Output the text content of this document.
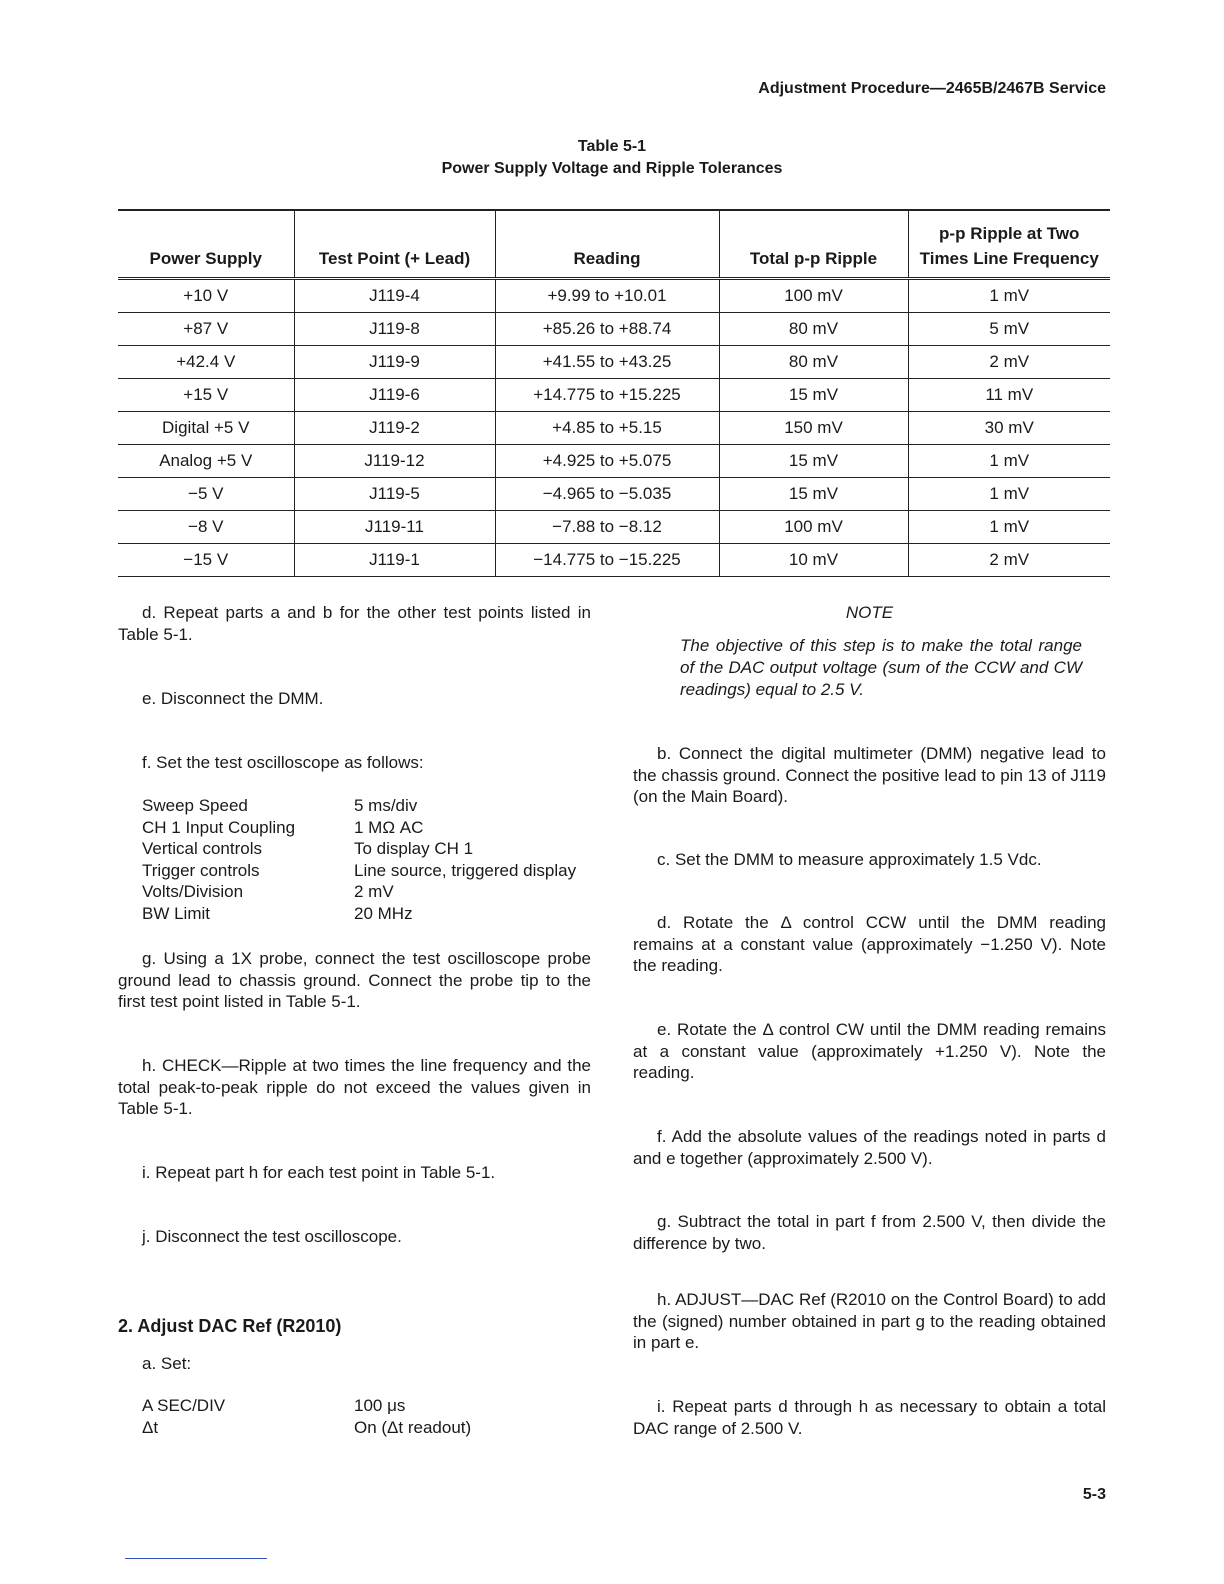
Adjustment Procedure—2465B/2467B Service
Table 5-1
Power Supply Voltage and Ripple Tolerances
Power Supply	Test Point (+ Lead)	Reading	Total p-p Ripple	p-p Ripple at Two Times Line Frequency
+10 V	J119-4	+9.99 to +10.01	100 mV	1 mV
+87 V	J119-8	+85.26 to +88.74	80 mV	5 mV
+42.4 V	J119-9	+41.55 to +43.25	80 mV	2 mV
+15 V	J119-6	+14.775 to +15.225	15 mV	11 mV
Digital +5 V	J119-2	+4.85 to +5.15	150 mV	30 mV
Analog +5 V	J119-12	+4.925 to +5.075	15 mV	1 mV
−5 V	J119-5	−4.965 to −5.035	15 mV	1 mV
−8 V	J119-11	−7.88 to −8.12	100 mV	1 mV
−15 V	J119-1	−14.775 to −15.225	10 mV	2 mV
d. Repeat parts a and b for the other test points listed in Table 5-1.
e. Disconnect the DMM.
f. Set the test oscilloscope as follows:
Sweep Speed	5 ms/div
CH 1 Input Coupling	1 MΩ AC
Vertical controls	To display CH 1
Trigger controls	Line source, triggered display
Volts/Division	2 mV
BW Limit	20 MHz
g. Using a 1X probe, connect the test oscilloscope probe ground lead to chassis ground. Connect the probe tip to the first test point listed in Table 5-1.
h. CHECK—Ripple at two times the line frequency and the total peak-to-peak ripple do not exceed the values given in Table 5-1.
i. Repeat part h for each test point in Table 5-1.
j. Disconnect the test oscilloscope.
2. Adjust DAC Ref (R2010)
a. Set:
A SEC/DIV	100 μs
Δt	On (Δt readout)
NOTE
The objective of this step is to make the total range of the DAC output voltage (sum of the CCW and CW readings) equal to 2.5 V.
b. Connect the digital multimeter (DMM) negative lead to the chassis ground. Connect the positive lead to pin 13 of J119 (on the Main Board).
c. Set the DMM to measure approximately 1.5 Vdc.
d. Rotate the Δ control CCW until the DMM reading remains at a constant value (approximately −1.250 V). Note the reading.
e. Rotate the Δ control CW until the DMM reading remains at a constant value (approximately +1.250 V). Note the reading.
f. Add the absolute values of the readings noted in parts d and e together (approximately 2.500 V).
g. Subtract the total in part f from 2.500 V, then divide the difference by two.
h. ADJUST—DAC Ref (R2010 on the Control Board) to add the (signed) number obtained in part g to the reading obtained in part e.
i. Repeat parts d through h as necessary to obtain a total DAC range of 2.500 V.
5-3
